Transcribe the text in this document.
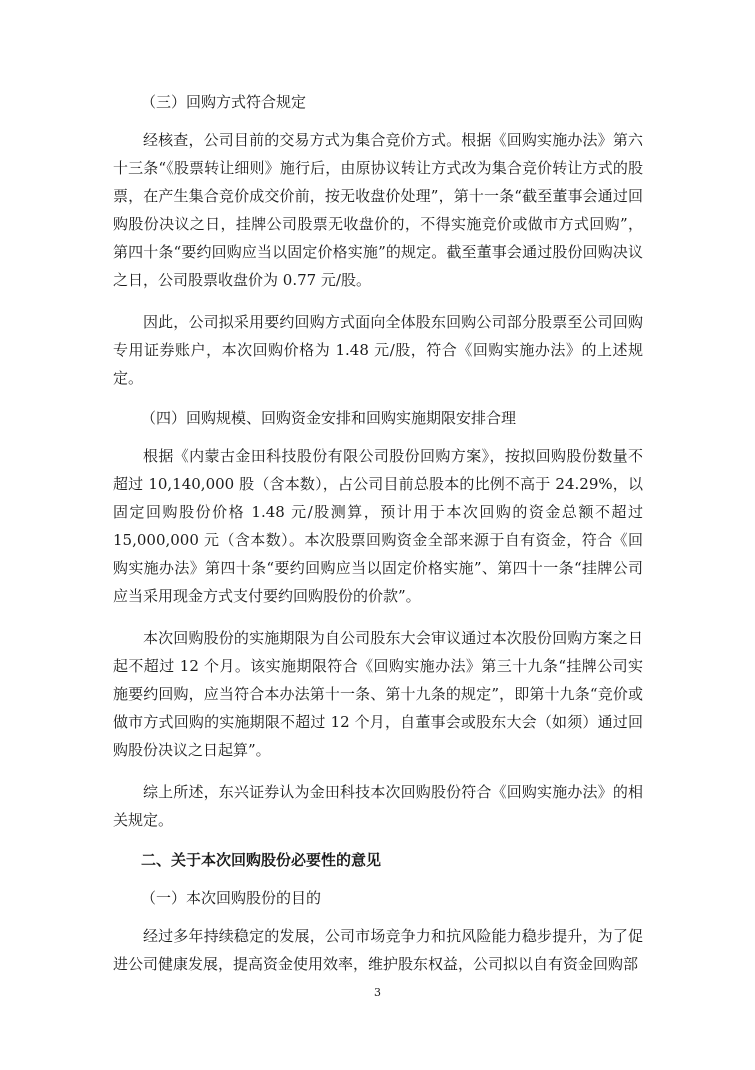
（三）回购方式符合规定

经核查，公司目前的交易方式为集合竞价方式。根据《回购实施办法》第六十三条“《股票转让细则》施行后，由原协议转让方式改为集合竞价转让方式的股票，在产生集合竞价成交价前，按无收盘价处理”，第十一条“截至董事会通过回购股份决议之日，挂牌公司股票无收盘价的，不得实施竞价或做市方式回购”，第四十条“要约回购应当以固定价格实施”的规定。截至董事会通过股份回购决议之日，公司股票收盘价为 0.77 元/股。

因此，公司拟采用要约回购方式面向全体股东回购公司部分股票至公司回购专用证券账户，本次回购价格为 1.48 元/股，符合《回购实施办法》的上述规定。

（四）回购规模、回购资金安排和回购实施期限安排合理

根据《内蒙古金田科技股份有限公司股份回购方案》，按拟回购股份数量不超过 10,140,000 股（含本数），占公司目前总股本的比例不高于 24.29%，以固定回购股份价格 1.48 元/股测算，预计用于本次回购的资金总额不超过 15,000,000 元（含本数）。本次股票回购资金全部来源于自有资金，符合《回购实施办法》第四十条“要约回购应当以固定价格实施”、第四十一条“挂牌公司应当采用现金方式支付要约回购股份的价款”。

本次回购股份的实施期限为自公司股东大会审议通过本次股份回购方案之日起不超过 12 个月。该实施期限符合《回购实施办法》第三十九条“挂牌公司实施要约回购，应当符合本办法第十一条、第十九条的规定”，即第十九条“竞价或做市方式回购的实施期限不超过 12 个月，自董事会或股东大会（如须）通过回购股份决议之日起算”。

综上所述，东兴证券认为金田科技本次回购股份符合《回购实施办法》的相关规定。

二、关于本次回购股份必要性的意见

（一）本次回购股份的目的

经过多年持续稳定的发展，公司市场竞争力和抗风险能力稳步提升，为了促进公司健康发展，提高资金使用效率，维护股东权益，公司拟以自有资金回购部

3
